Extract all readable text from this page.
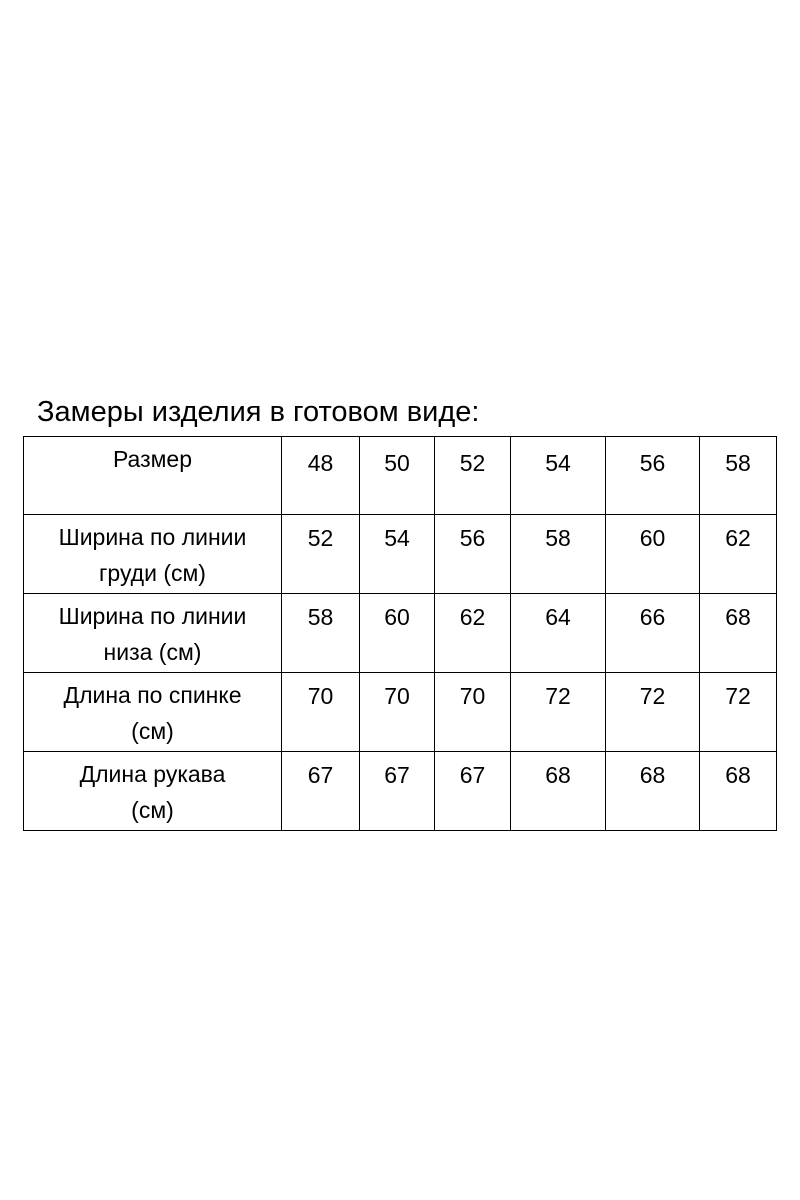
Замеры изделия в готовом виде:
Размер	48	50	52	54	56	58

Ширина по линии
груди (см)	52	54	56	58	60	62

Ширина по линии
низа (см)	58	60	62	64	66	68

Длина по спинке
(см)	70	70	70	72	72	72

Длина рукава
(см)	67	67	67	68	68	68
